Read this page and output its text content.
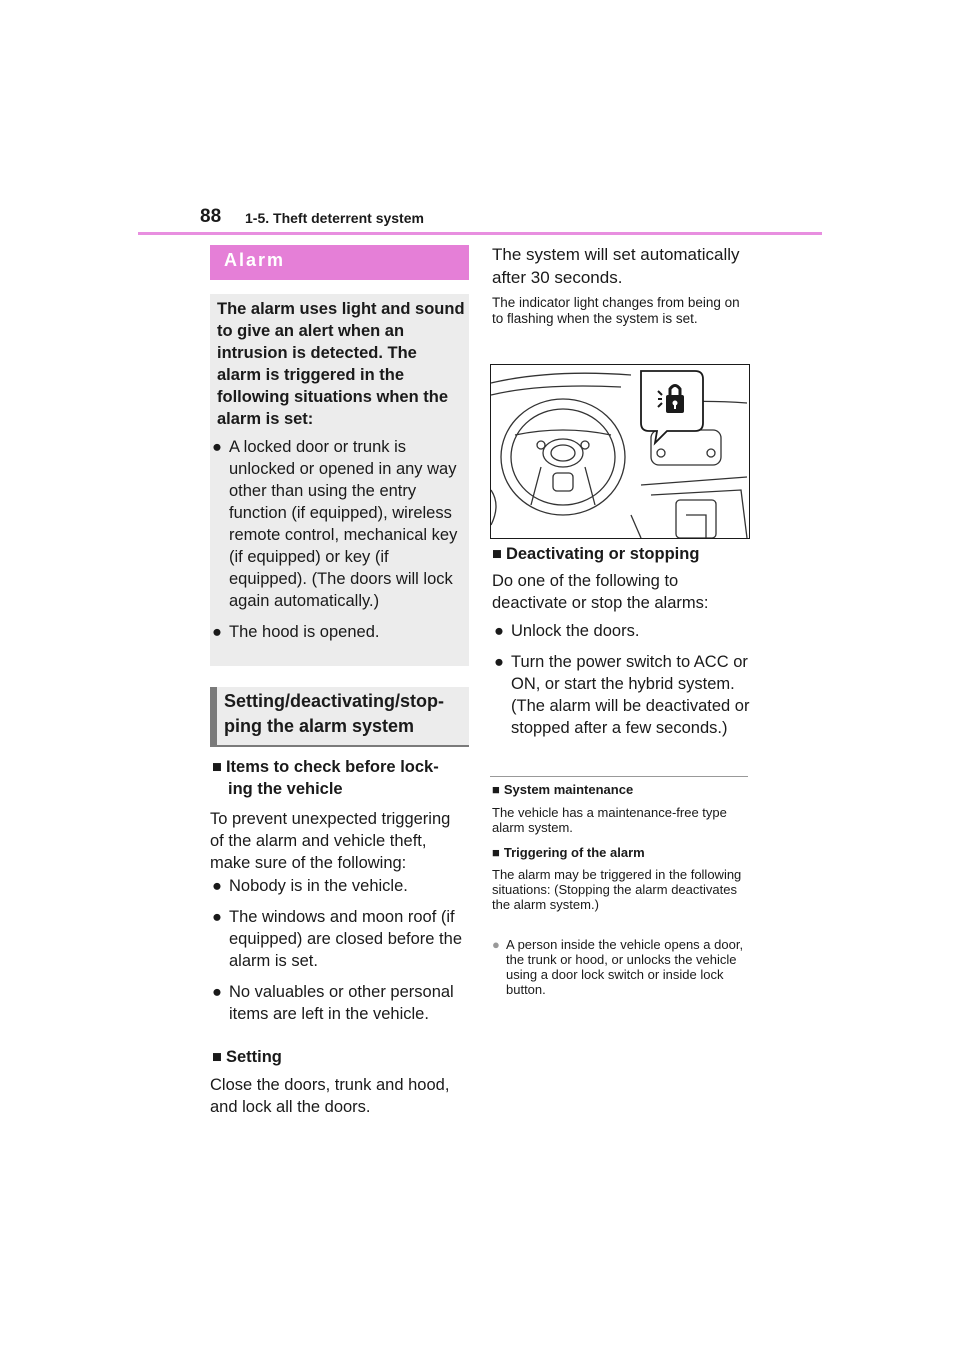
88 1-5. Theft deterrent system
Alarm
The alarm uses light and sound to give an alert when an intrusion is detected. The alarm is triggered in the following situations when the alarm is set:

● A locked door or trunk is unlocked or opened in any way other than using the entry function (if equipped), wireless remote control, mechanical key (if equipped) or key (if equipped). (The doors will lock again automatically.)

● The hood is opened.

Setting/deactivating/stop-
ping the alarm system
■ Items to check before lock-
ing the vehicle
To prevent unexpected triggering of the alarm and vehicle theft, make sure of the following:

● Nobody is in the vehicle.

● The windows and moon roof (if equipped) are closed before the alarm is set.

● No valuables or other personal items are left in the vehicle.

■ Setting
Close the doors, trunk and hood, and lock all the doors.
The system will set automatically after 30 seconds.
The indicator light changes from being on to flashing when the system is set.
■ Deactivating or stopping
Do one of the following to deactivate or stop the alarms:

● Unlock the doors.

● Turn the power switch to ACC or ON, or start the hybrid system. (The alarm will be deactivated or stopped after a few seconds.)

■ System maintenance
The vehicle has a maintenance-free type alarm system.
■ Triggering of the alarm
The alarm may be triggered in the following situations: (Stopping the alarm deactivates the alarm system.)
● A person inside the vehicle opens a door, the trunk or hood, or unlocks the vehicle using a door lock switch or inside lock button.
